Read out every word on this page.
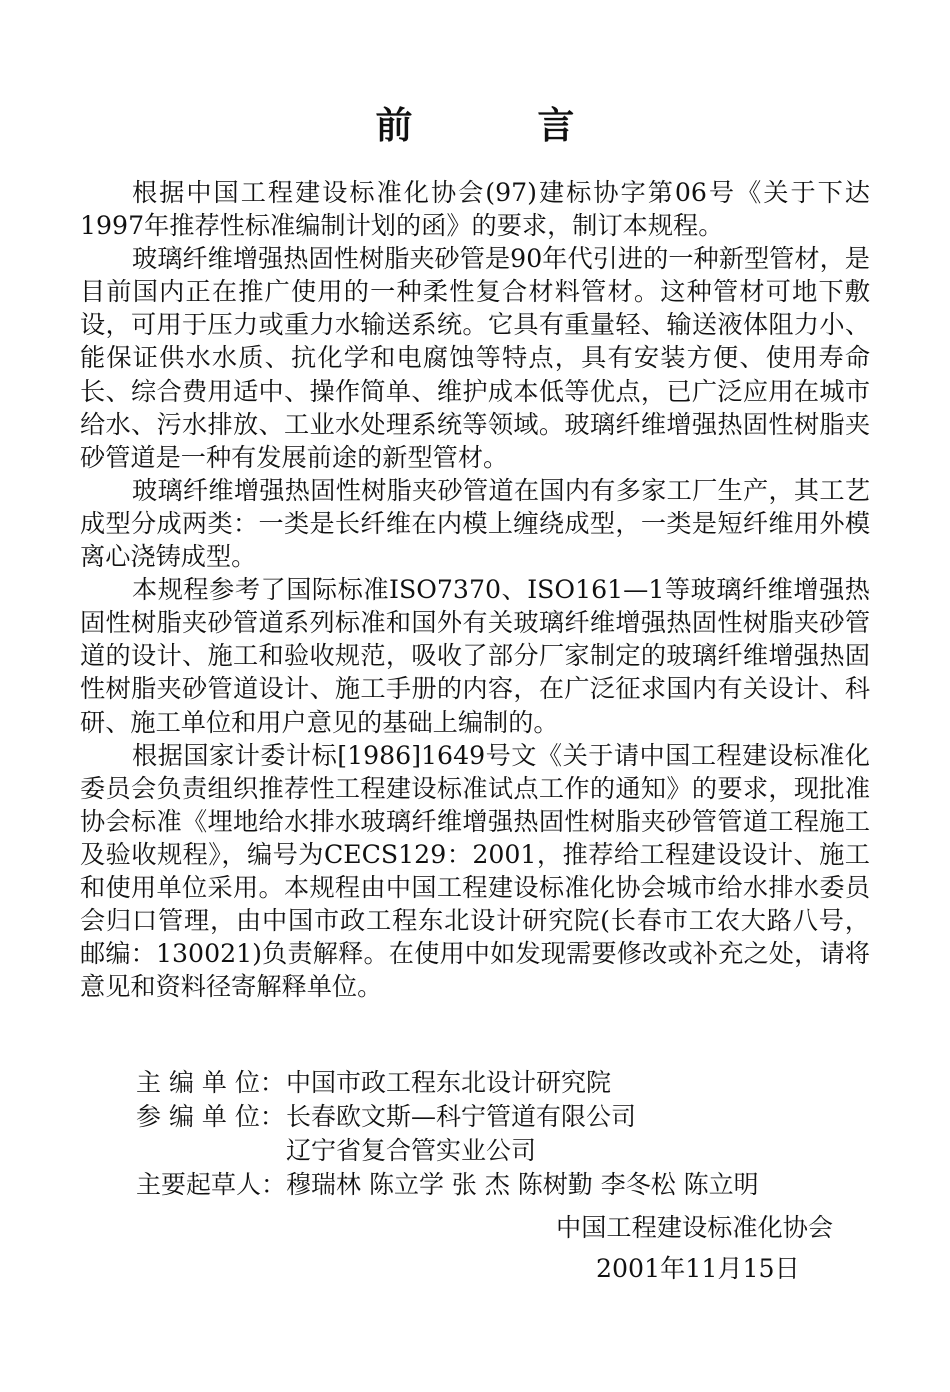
前 言

根据中国工程建设标准化协会(97)建标协字第06号《关于下达1997年推荐性标准编制计划的函》的要求，制订本规程。

玻璃纤维增强热固性树脂夹砂管是90年代引进的一种新型管材，是目前国内正在推广使用的一种柔性复合材料管材。这种管材可地下敷设，可用于压力或重力水输送系统。它具有重量轻、输送液体阻力小、能保证供水水质、抗化学和电腐蚀等特点，具有安装方便、使用寿命长、综合费用适中、操作简单、维护成本低等优点，已广泛应用在城市给水、污水排放、工业水处理系统等领域。玻璃纤维增强热固性树脂夹砂管道是一种有发展前途的新型管材。

玻璃纤维增强热固性树脂夹砂管道在国内有多家工厂生产，其工艺成型分成两类：一类是长纤维在内模上缠绕成型，一类是短纤维用外模离心浇铸成型。

本规程参考了国际标准ISO7370、ISO161—1等玻璃纤维增强热固性树脂夹砂管道系列标准和国外有关玻璃纤维增强热固性树脂夹砂管道的设计、施工和验收规范，吸收了部分厂家制定的玻璃纤维增强热固性树脂夹砂管道设计、施工手册的内容，在广泛征求国内有关设计、科研、施工单位和用户意见的基础上编制的。

根据国家计委计标[1986]1649号文《关于请中国工程建设标准化委员会负责组织推荐性工程建设标准试点工作的通知》的要求，现批准协会标准《埋地给水排水玻璃纤维增强热固性树脂夹砂管管道工程施工及验收规程》，编号为CECS129：2001，推荐给工程建设设计、施工和使用单位采用。本规程由中国工程建设标准化协会城市给水排水委员会归口管理，由中国市政工程东北设计研究院(长春市工农大路八号，邮编：130021)负责解释。在使用中如发现需要修改或补充之处，请将意见和资料径寄解释单位。

主 编 单 位： 中国市政工程东北设计研究院
参 编 单 位： 长春欧文斯—科宁管道有限公司
辽宁省复合管实业公司
主要起草人： 穆瑞林 陈立学 张 杰 陈树勤 李冬松 陈立明
中国工程建设标准化协会
2001年11月15日
